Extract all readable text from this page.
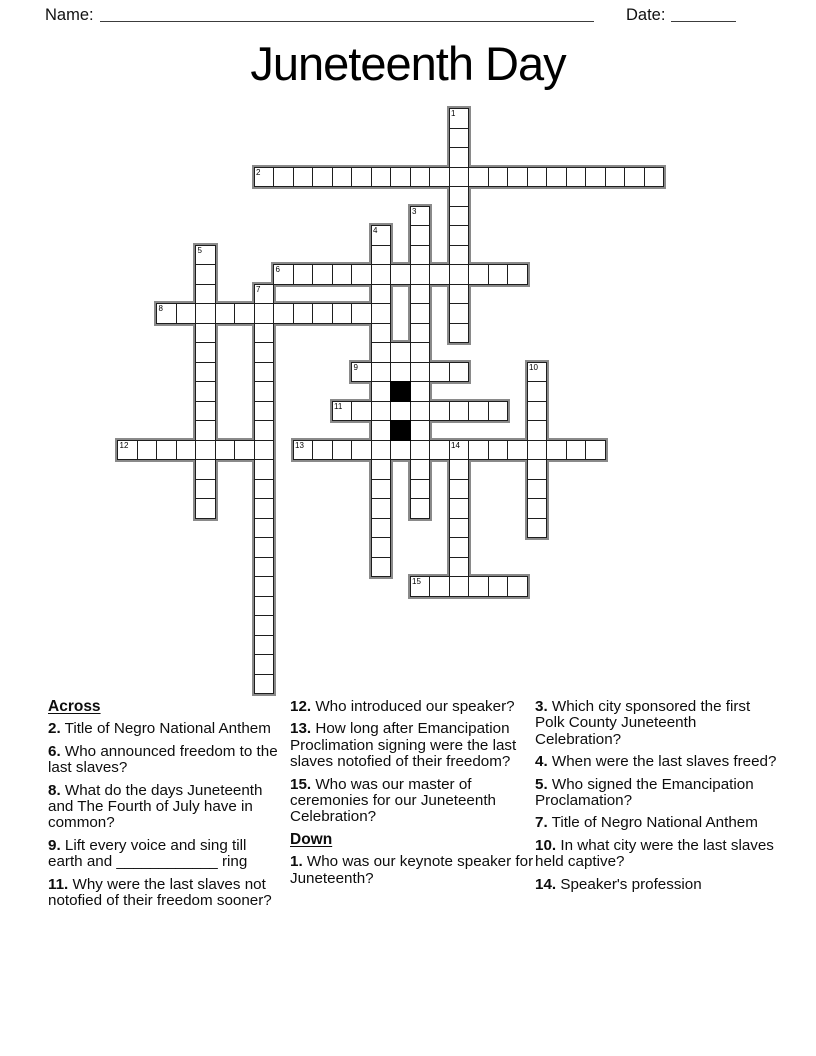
Name:	Date:
Juneteenth Day
1
2
3
4
5
6
7
8
9	10
11
12	13	14
15

Across

2. Title of Negro National Anthem

6. Who announced freedom to the last slaves?

8. What do the days Juneteenth and The Fourth of July have in common?

9. Lift every voice and sing till earth and ____________ ring

11. Why were the last slaves not notofied of their freedom sooner?

12. Who introduced our speaker?

13. How long after Emancipation Proclimation signing were the last slaves notofied of their freedom?

15. Who was our master of ceremonies for our Juneteenth Celebration?

Down

1. Who was our keynote speaker for Juneteenth?

3. Which city sponsored the first Polk County Juneteenth Celebration?

4. When were the last slaves freed?

5. Who signed the Emancipation Proclamation?

7. Title of Negro National Anthem

10. In what city were the last slaves held captive?

14. Speaker's profession
